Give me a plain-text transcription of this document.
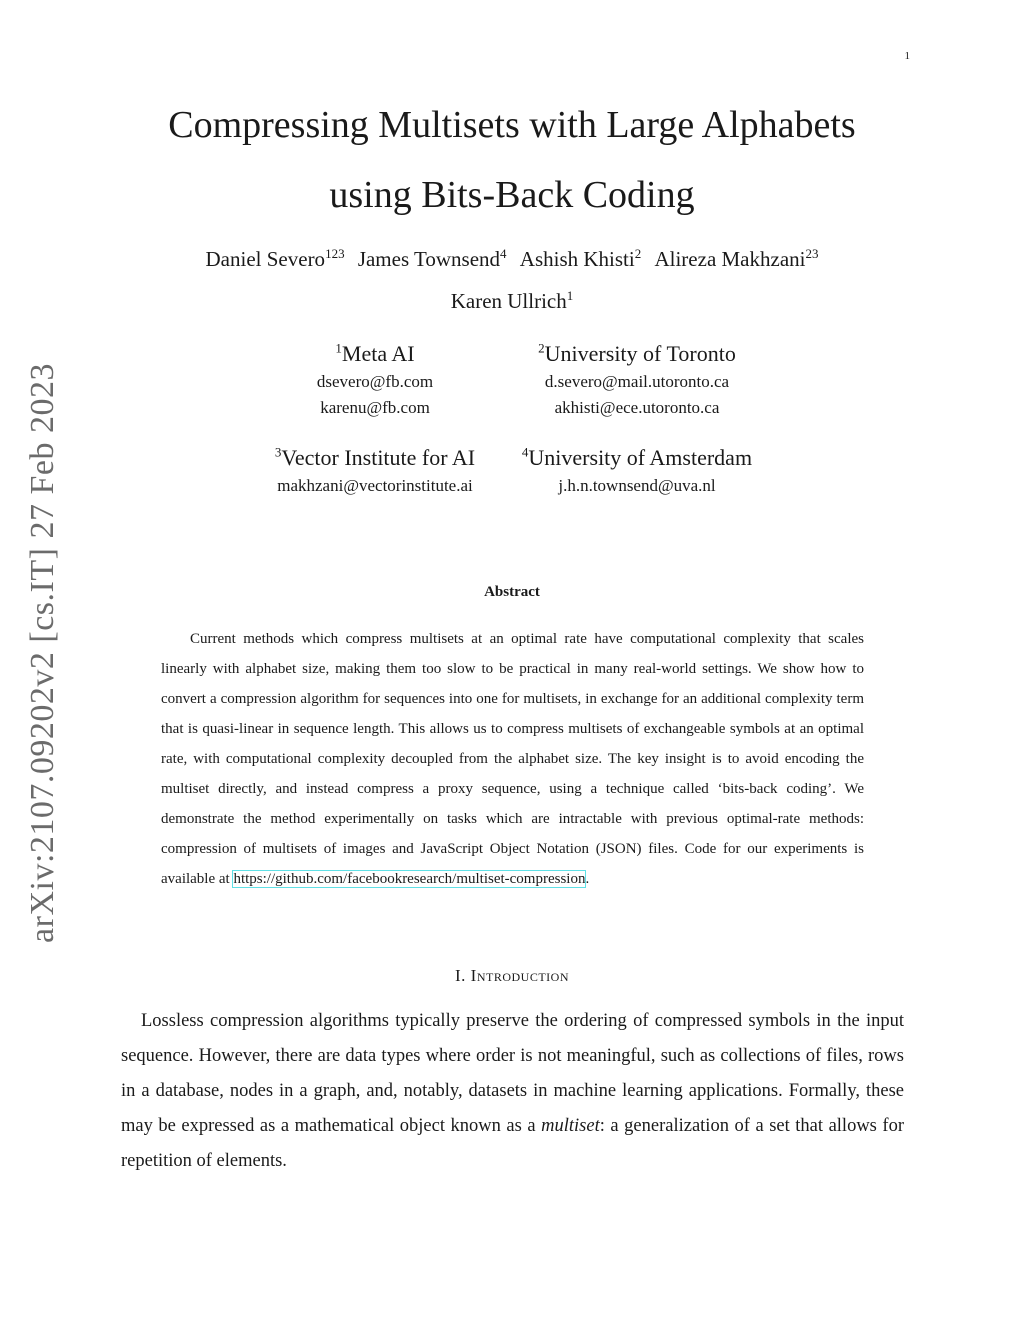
1
arXiv:2107.09202v2 [cs.IT] 27 Feb 2023
Compressing Multisets with Large Alphabets
using Bits-Back Coding
Daniel Severo$^{123}$ James Townsend$^4$ Ashish Khisti$^2$ Alireza Makhzani$^{23}$
Karen Ullrich$^1$
$^1$Meta AI
dsevero@fb.com
karenu@fb.com
$^2$University of Toronto
d.severo@mail.utoronto.ca
akhisti@ece.utoronto.ca
$^3$Vector Institute for AI
makhzani@vectorinstitute.ai
$^4$University of Amsterdam
j.h.n.townsend@uva.nl
Abstract

Current methods which compress multisets at an optimal rate have computational complexity that scales linearly with alphabet size, making them too slow to be practical in many real-world settings. We show how to convert a compression algorithm for sequences into one for multisets, in exchange for an additional complexity term that is quasi-linear in sequence length. This allows us to compress multisets of exchangeable symbols at an optimal rate, with computational complexity decoupled from the alphabet size. The key insight is to avoid encoding the multiset directly, and instead compress a proxy sequence, using a technique called ‘bits-back coding’. We demonstrate the method experimentally on tasks which are intractable with previous optimal-rate methods: compression of multisets of images and JavaScript Object Notation (JSON) files. Code for our experiments is available at https://github.com/facebookresearch/multiset-compression.

I. Introduction

Lossless compression algorithms typically preserve the ordering of compressed symbols in the input sequence. However, there are data types where order is not meaningful, such as collections of files, rows in a database, nodes in a graph, and, notably, datasets in machine learning applications. Formally, these may be expressed as a mathematical object known as a multiset: a generalization of a set that allows for repetition of elements.
